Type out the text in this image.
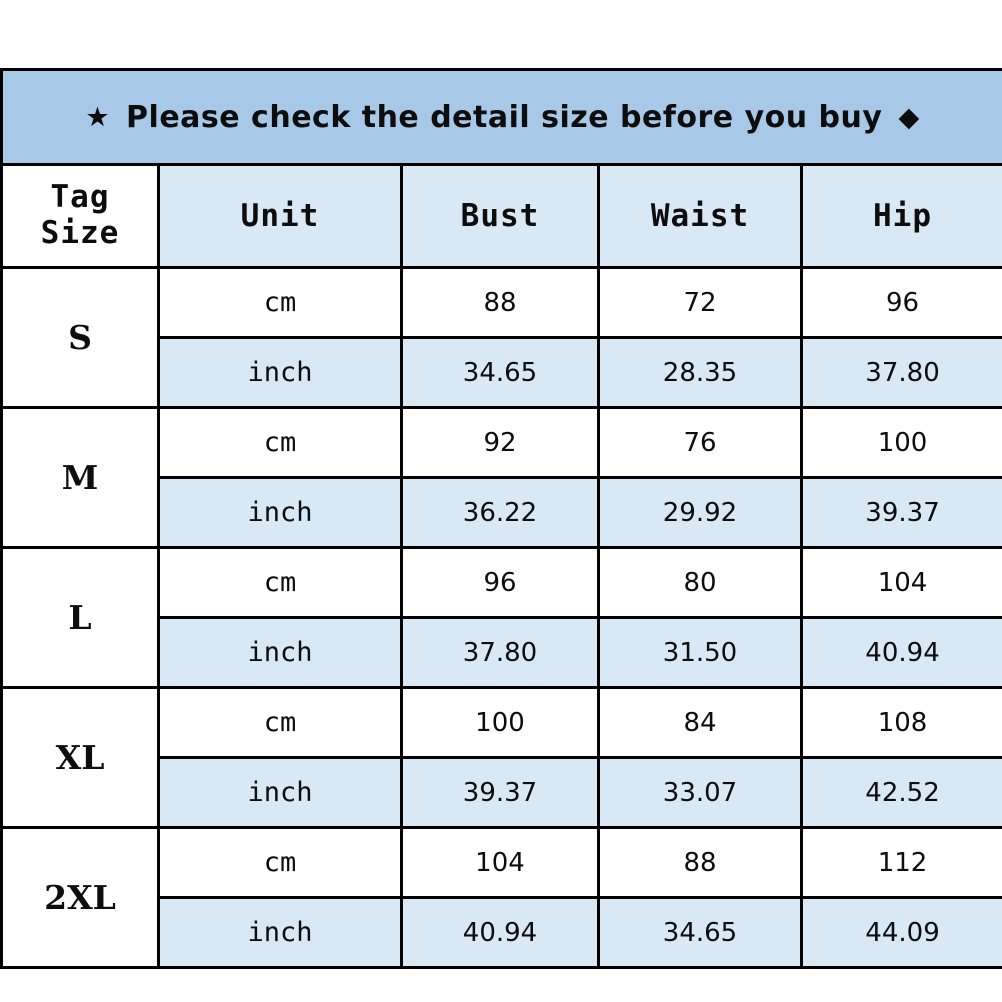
★ Please check the detail size before you buy ◆				

Tag
Size	Unit	Bust	Waist	Hip
S	cm	88	72	96
	inch	34.65	28.35	37.80
M	cm	92	76	100
	inch	36.22	29.92	39.37
L	cm	96	80	104
	inch	37.80	31.50	40.94
XL	cm	100	84	108
	inch	39.37	33.07	42.52
2XL	cm	104	88	112
	inch	40.94	34.65	44.09
